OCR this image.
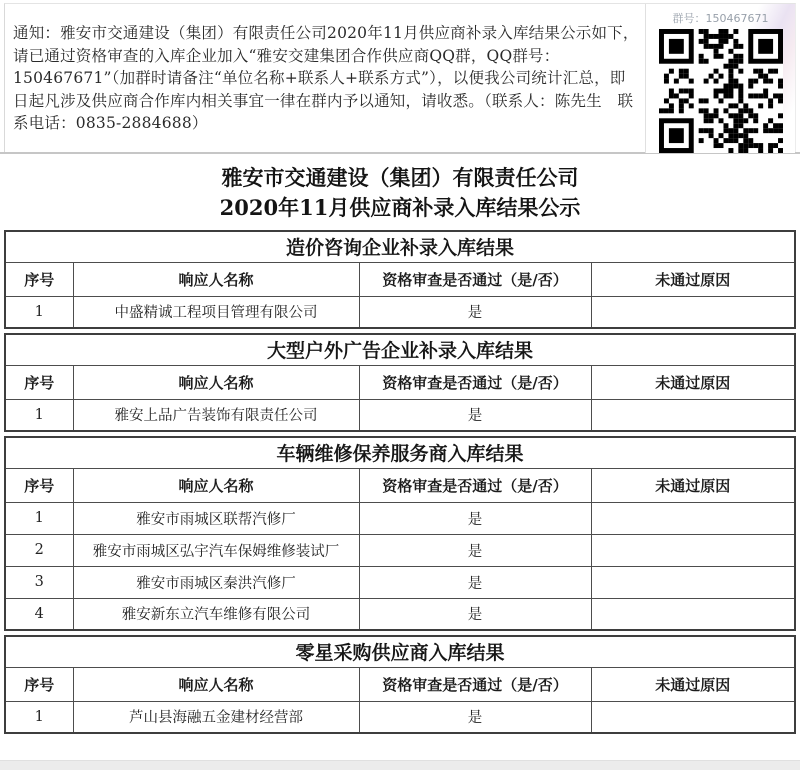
通知：雅安市交通建设（集团）有限责任公司2020年11月供应商补录入库结果公示如下，请已通过资格审查的入库企业加入“雅安交建集团合作供应商QQ群，QQ群号：150467671”（加群时请备注“单位名称+联系人+联系方式”），以便我公司统计汇总，即日起凡涉及供应商合作库内相关事宜一律在群内予以通知，请收悉。（联系人：陈先生　联系电话：0835-2884688）
群号：150467671
雅安市交通建设（集团）有限责任公司
2020年11月供应商补录入库结果公示
造价咨询企业补录入库结果			
序号	响应人名称	资格审查是否通过（是/否）	未通过原因
1	中盛精诚工程项目管理有限公司	是	
大型户外广告企业补录入库结果			
序号	响应人名称	资格审查是否通过（是/否）	未通过原因
1	雅安上品广告装饰有限责任公司	是	
车辆维修保养服务商入库结果			
序号	响应人名称	资格审查是否通过（是/否）	未通过原因
1	雅安市雨城区联帮汽修厂	是	
2	雅安市雨城区弘宇汽车保姆维修装试厂	是	
3	雅安市雨城区秦洪汽修厂	是	
4	雅安新东立汽车维修有限公司	是	
零星采购供应商入库结果			
序号	响应人名称	资格审查是否通过（是/否）	未通过原因
1	芦山县海融五金建材经营部	是	
